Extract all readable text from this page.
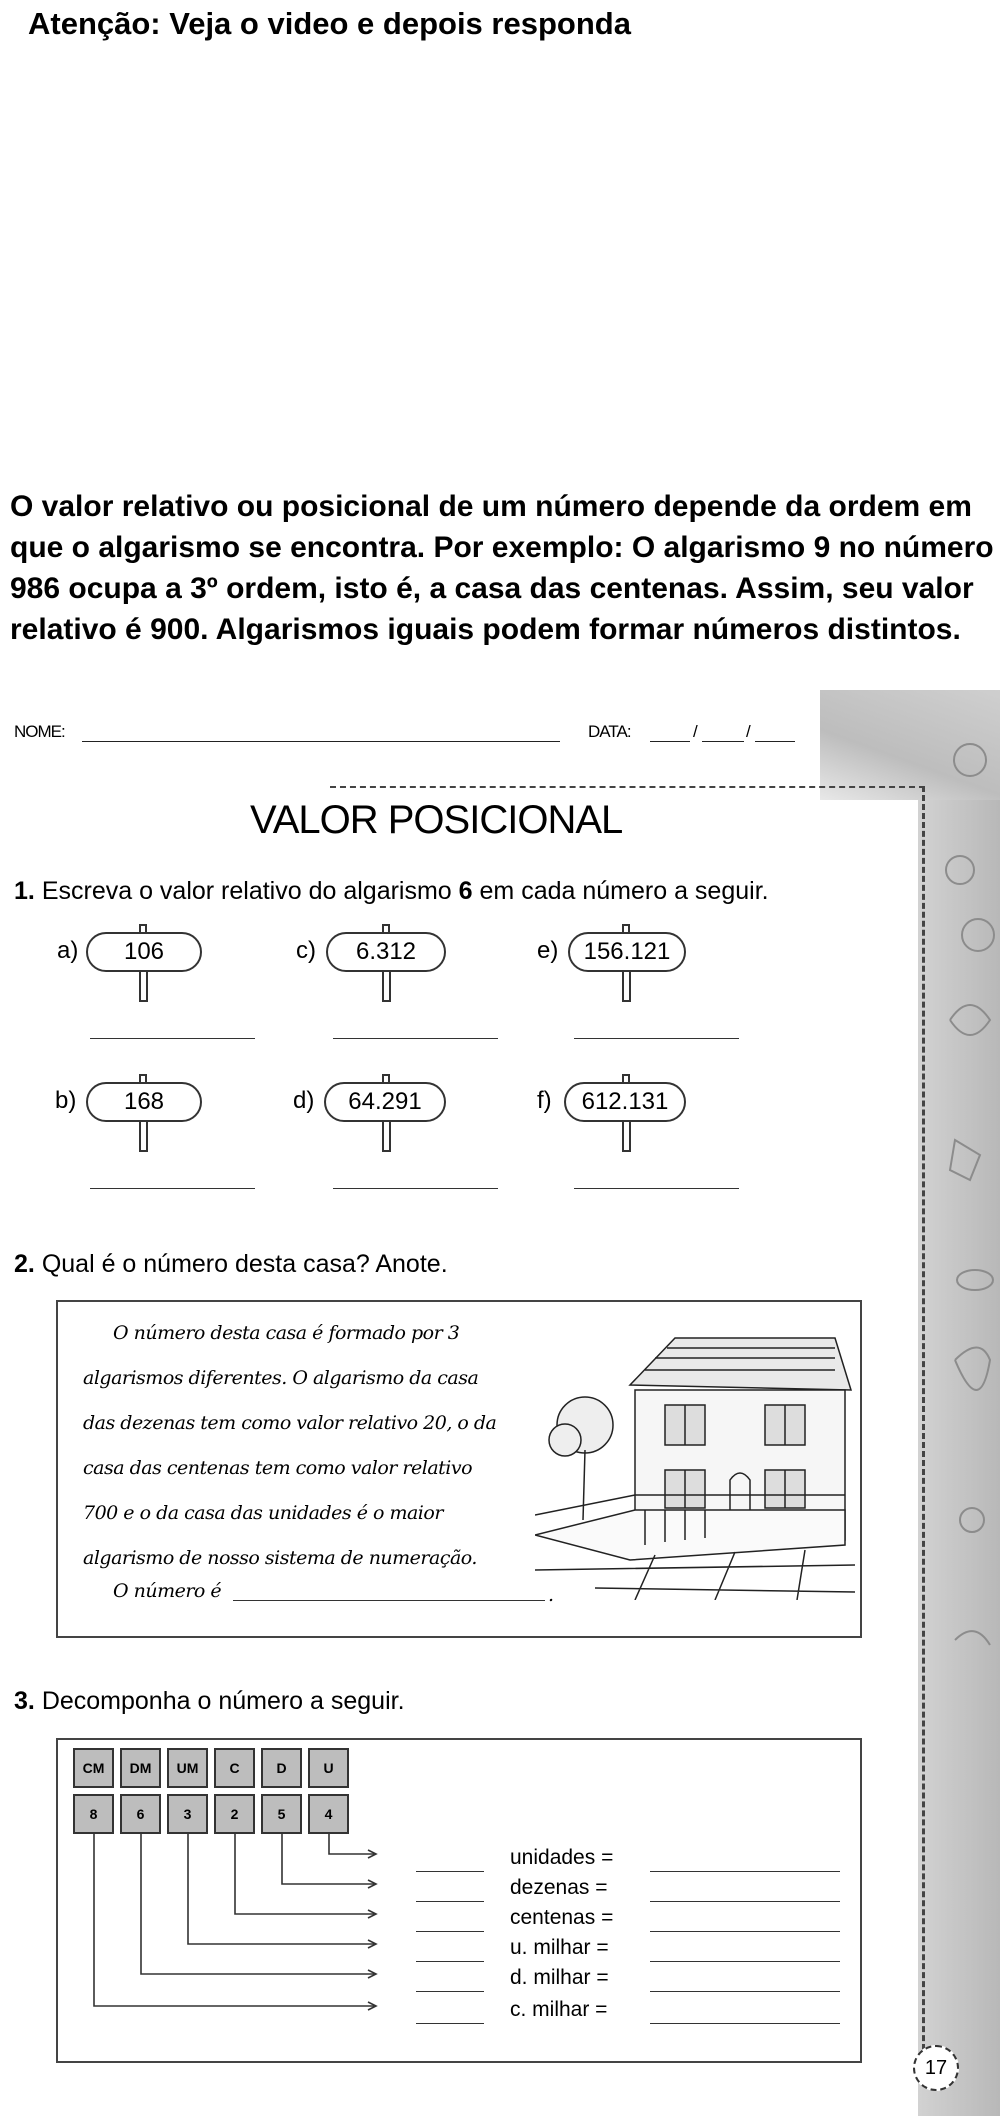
Atenção: Veja o video e depois responda
O valor relativo ou posicional de um número depende da ordem em que o algarismo se encontra. Por exemplo: O algarismo 9 no número 986 ocupa a 3º ordem, isto é, a casa das centenas. Assim, seu valor relativo é 900. Algarismos iguais podem formar números distintos.
NOME:	DATA:	/	/
VALOR POSICIONAL
1. Escreva o valor relativo do algarismo 6 em cada número a seguir.
a)	106	c)	6.312	e)	156.121
b)	168	d)	64.291	f)	612.131
2. Qual é o número desta casa? Anote.
O número desta casa é formado por 3
algarismos diferentes. O algarismo da casa
das dezenas tem como valor relativo 20, o da
casa das centenas tem como valor relativo
700 e o da casa das unidades é o maior
algarismo de nosso sistema de numeração.
O número é	.
3. Decomponha o número a seguir.
CM	DM	UM	C	D	U
8	6	3	2	5	4
unidades =
dezenas =
centenas =
u. milhar =
d. milhar =
c. milhar =
17
